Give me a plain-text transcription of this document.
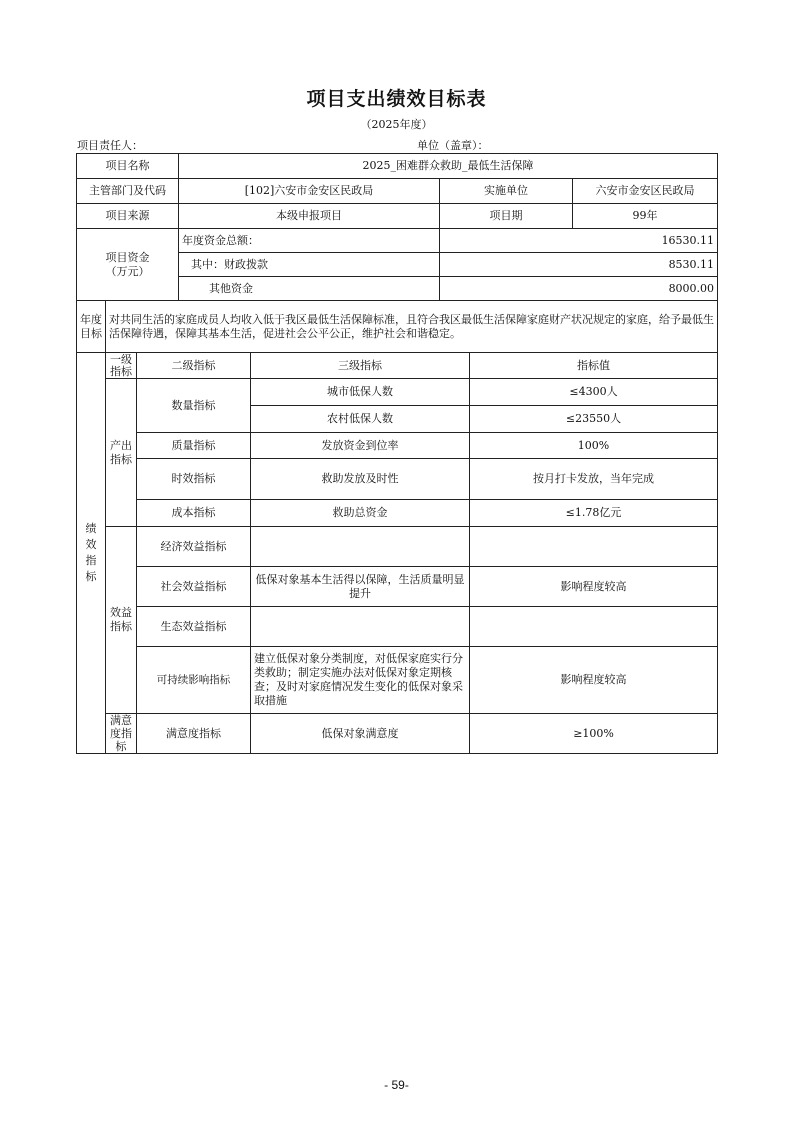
项目支出绩效目标表
（2025年度）
项目责任人：	单位（盖章）：
项目名称			2025_困难群众救助_最低生活保障				
主管部门及代码			[102]六安市金安区民政局		实施单位		六安市金安区民政局
项目来源			本级申报项目		项目期		99年

项目资金
（万元）			年度资金总额：		16530.11		
			其中：财政拨款		8530.11		
			其他资金		8000.00		

年度
目标	对共同生活的家庭成员人均收入低于我区最低生活保障标准，且符合我区最低生活保障家庭财产状况规定的家庭，给予最低生活保障待遇，保障其基本生活，促进社会公平公正，维护社会和谐稳定。						

绩
效
指
标	一级指标	二级指标		三级指标		指标值	
	产出指标	数量指标		城市低保人数		≤4300人	
				农村低保人数		≤23550人	
		质量指标		发放资金到位率		100%	
		时效指标		救助发放及时性		按月打卡发放，当年完成	
		成本指标		救助总资金		≤1.78亿元	

	效益指标	经济效益指标					
		社会效益指标		低保对象基本生活得以保障，生活质量明显提升		影响程度较高	
		生态效益指标					
		可持续影响指标		建立低保对象分类制度，对低保家庭实行分类救助；制定实施办法对低保对象定期核查；及时对家庭情况发生变化的低保对象采取措施		影响程度较高	

	满意度指标	满意度指标		低保对象满意度		≥100%	
- 59-
